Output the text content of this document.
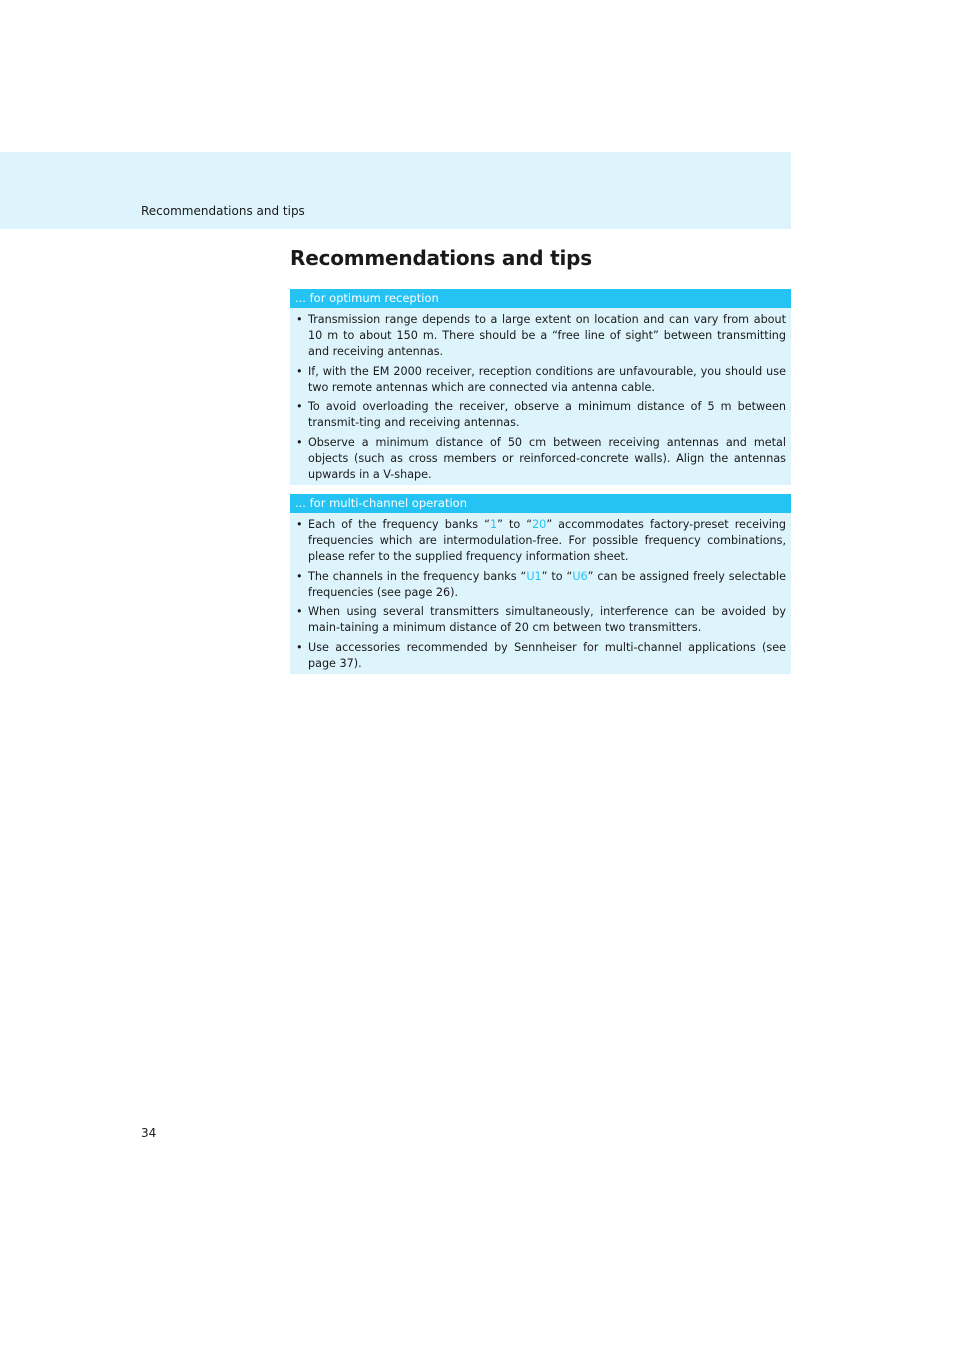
Recommendations and tips
Recommendations and tips
... for optimum reception
• Transmission range depends to a large extent on location and can vary from about 10 m to about 150 m. There should be a “free line of sight” between transmitting and receiving antennas.
• If, with the EM 2000 receiver, reception conditions are unfavourable, you should use two remote antennas which are connected via antenna cable.
• To avoid overloading the receiver, observe a minimum distance of 5 m between transmit-ting and receiving antennas.
• Observe a minimum distance of 50 cm between receiving antennas and metal objects (such as cross members or reinforced-concrete walls). Align the antennas upwards in a V-shape.
... for multi-channel operation
• Each of the frequency banks “1” to “20” accommodates factory-preset receiving frequencies which are intermodulation-free. For possible frequency combinations, please refer to the supplied frequency information sheet.
• The channels in the frequency banks “U1” to “U6” can be assigned freely selectable frequencies (see page 26).
• When using several transmitters simultaneously, interference can be avoided by main-taining a minimum distance of 20 cm between two transmitters.
• Use accessories recommended by Sennheiser for multi-channel applications (see page 37).
34
